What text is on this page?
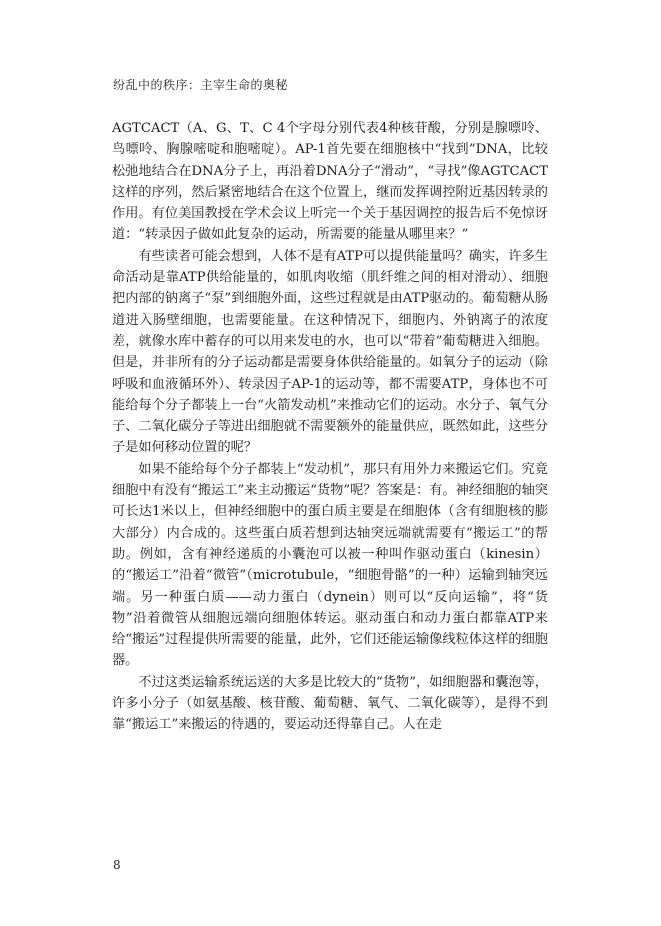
纷乱中的秩序：主宰生命的奥秘

AGTCACT（A、G、T、C 4个字母分别代表4种核苷酸，分别是腺嘌呤、鸟嘌呤、胸腺嘧啶和胞嘧啶）。AP-1首先要在细胞核中“找到”DNA，比较松弛地结合在DNA分子上，再沿着DNA分子“滑动”，“寻找”像AGTCACT这样的序列，然后紧密地结合在这个位置上，继而发挥调控附近基因转录的作用。有位美国教授在学术会议上听完一个关于基因调控的报告后不免惊讶道：“转录因子做如此复杂的运动，所需要的能量从哪里来？”

有些读者可能会想到，人体不是有ATP可以提供能量吗？确实，许多生命活动是靠ATP供给能量的，如肌肉收缩（肌纤维之间的相对滑动）、细胞把内部的钠离子“泵”到细胞外面，这些过程就是由ATP驱动的。葡萄糖从肠道进入肠壁细胞，也需要能量。在这种情况下，细胞内、外钠离子的浓度差，就像水库中蓄存的可以用来发电的水，也可以“带着”葡萄糖进入细胞。但是，并非所有的分子运动都是需要身体供给能量的。如氧分子的运动（除呼吸和血液循环外）、转录因子AP-1的运动等，都不需要ATP，身体也不可能给每个分子都装上一台“火箭发动机”来推动它们的运动。水分子、氧气分子、二氧化碳分子等进出细胞就不需要额外的能量供应，既然如此，这些分子是如何移动位置的呢？

如果不能给每个分子都装上“发动机”，那只有用外力来搬运它们。究竟细胞中有没有“搬运工”来主动搬运“货物”呢？答案是：有。神经细胞的轴突可长达1米以上，但神经细胞中的蛋白质主要是在细胞体（含有细胞核的膨大部分）内合成的。这些蛋白质若想到达轴突远端就需要有“搬运工”的帮助。例如，含有神经递质的小囊泡可以被一种叫作驱动蛋白（kinesin）的“搬运工”沿着“微管”（microtubule，“细胞骨骼”的一种）运输到轴突远端。另一种蛋白质——动力蛋白（dynein）则可以“反向运输”，将“货物”沿着微管从细胞远端向细胞体转运。驱动蛋白和动力蛋白都靠ATP来给“搬运”过程提供所需要的能量，此外，它们还能运输像线粒体这样的细胞器。

不过这类运输系统运送的大多是比较大的“货物”，如细胞器和囊泡等，许多小分子（如氨基酸、核苷酸、葡萄糖、氧气、二氧化碳等），是得不到靠“搬运工”来搬运的待遇的，要运动还得靠自己。人在走

8
